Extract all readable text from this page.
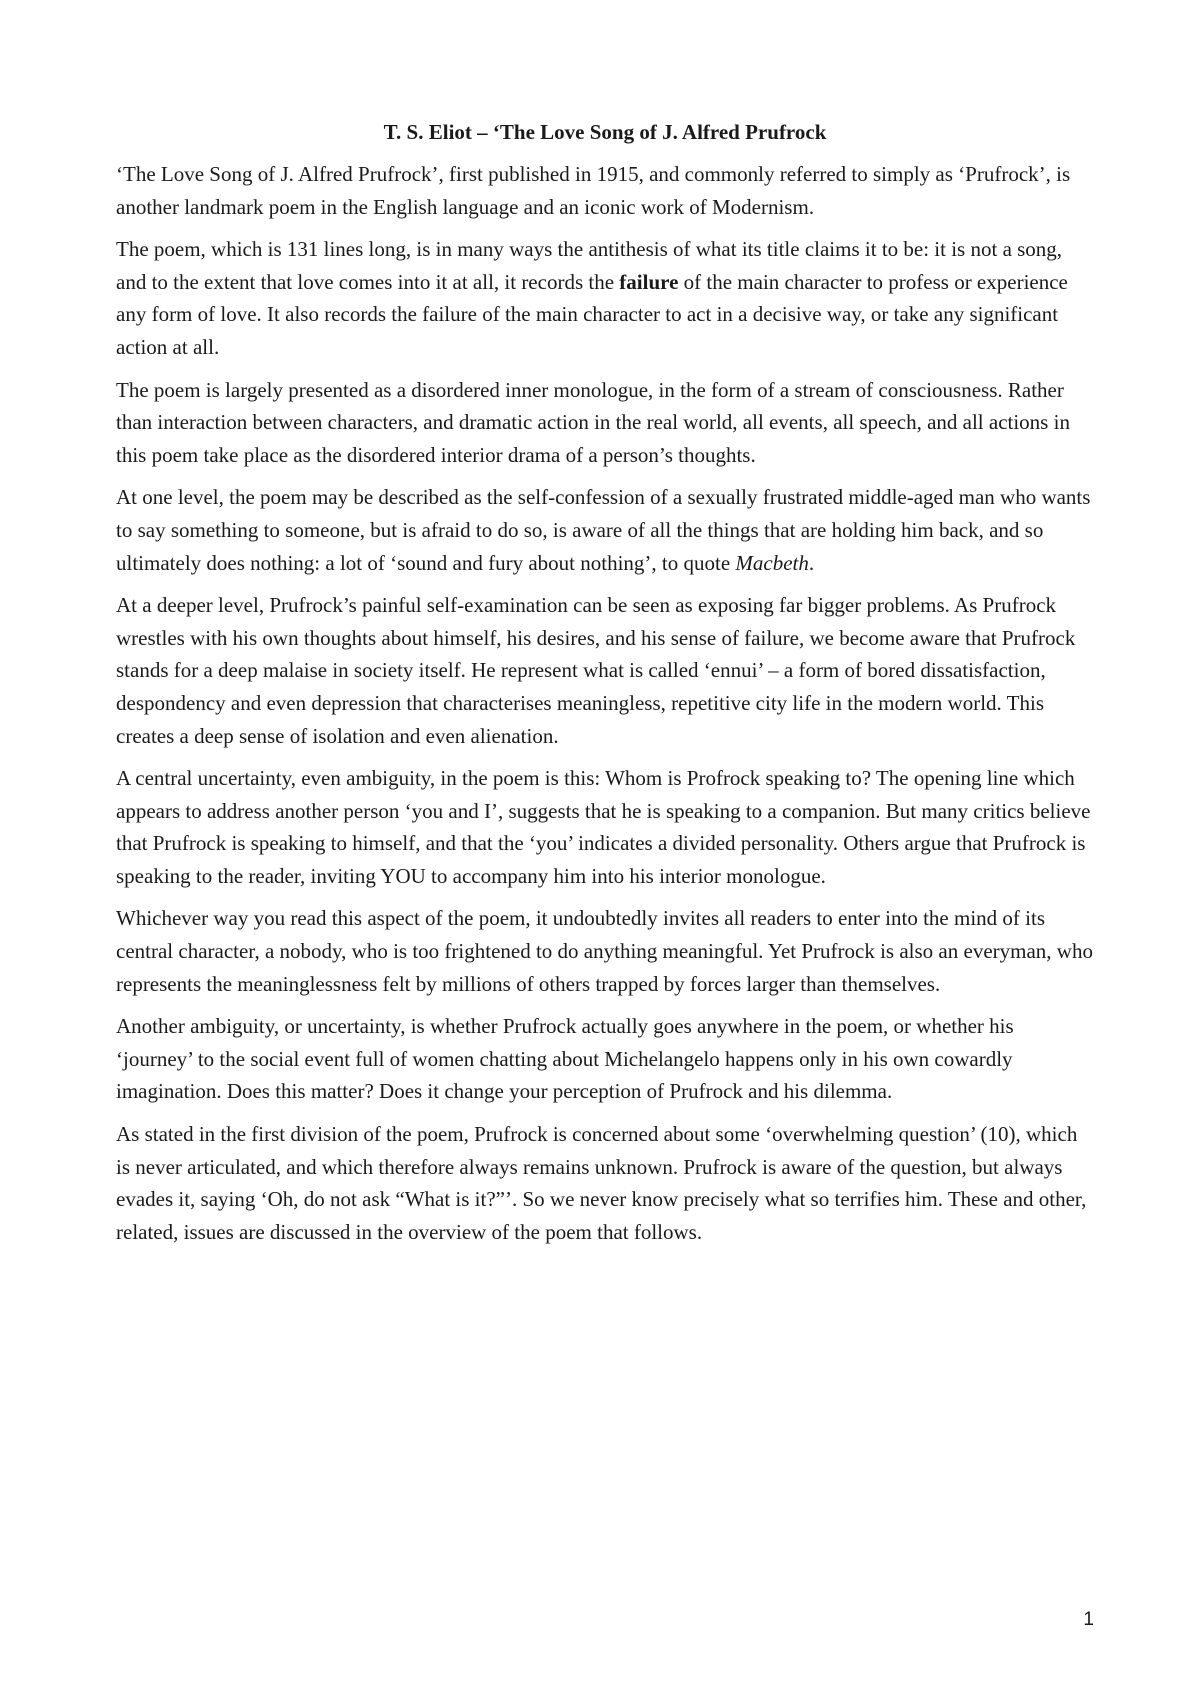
T. S. Eliot – ‘The Love Song of J. Alfred Prufrock

‘The Love Song of J. Alfred Prufrock’, first published in 1915, and commonly referred to simply as ‘Prufrock’, is another landmark poem in the English language and an iconic work of Modernism.

The poem, which is 131 lines long, is in many ways the antithesis of what its title claims it to be: it is not a song, and to the extent that love comes into it at all, it records the failure of the main character to profess or experience any form of love. It also records the failure of the main character to act in a decisive way, or take any significant action at all.

The poem is largely presented as a disordered inner monologue, in the form of a stream of consciousness. Rather than interaction between characters, and dramatic action in the real world, all events, all speech, and all actions in this poem take place as the disordered interior drama of a person’s thoughts.

At one level, the poem may be described as the self-confession of a sexually frustrated middle-aged man who wants to say something to someone, but is afraid to do so, is aware of all the things that are holding him back, and so ultimately does nothing: a lot of ‘sound and fury about nothing’, to quote Macbeth.

At a deeper level, Prufrock’s painful self-examination can be seen as exposing far bigger problems. As Prufrock wrestles with his own thoughts about himself, his desires, and his sense of failure, we become aware that Prufrock stands for a deep malaise in society itself. He represent what is called ‘ennui’ – a form of bored dissatisfaction, despondency and even depression that characterises meaningless, repetitive city life in the modern world. This creates a deep sense of isolation and even alienation.

A central uncertainty, even ambiguity, in the poem is this: Whom is Profrock speaking to? The opening line which appears to address another person ‘you and I’, suggests that he is speaking to a companion. But many critics believe that Prufrock is speaking to himself, and that the ‘you’ indicates a divided personality. Others argue that Prufrock is speaking to the reader, inviting YOU to accompany him into his interior monologue.

Whichever way you read this aspect of the poem, it undoubtedly invites all readers to enter into the mind of its central character, a nobody, who is too frightened to do anything meaningful. Yet Prufrock is also an everyman, who represents the meaninglessness felt by millions of others trapped by forces larger than themselves.

Another ambiguity, or uncertainty, is whether Prufrock actually goes anywhere in the poem, or whether his ‘journey’ to the social event full of women chatting about Michelangelo happens only in his own cowardly imagination. Does this matter? Does it change your perception of Prufrock and his dilemma.

As stated in the first division of the poem, Prufrock is concerned about some ‘overwhelming question’ (10), which is never articulated, and which therefore always remains unknown. Prufrock is aware of the question, but always evades it, saying ‘Oh, do not ask “What is it?”’. So we never know precisely what so terrifies him. These and other, related, issues are discussed in the overview of the poem that follows.

1
